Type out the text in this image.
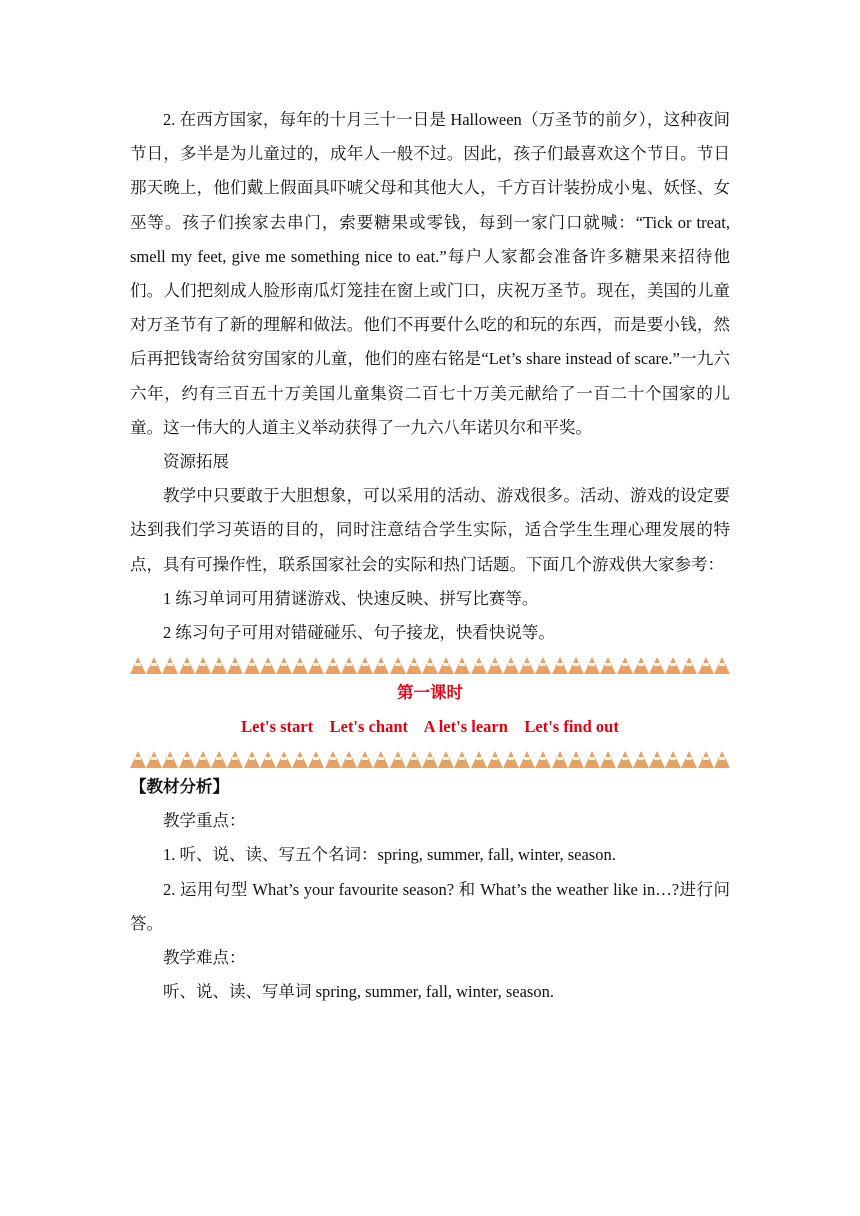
2. 在西方国家，每年的十月三十一日是 Halloween（万圣节的前夕），这种夜间节日，多半是为儿童过的，成年人一般不过。因此，孩子们最喜欢这个节日。节日那天晚上，他们戴上假面具吓唬父母和其他大人，千方百计装扮成小鬼、妖怪、女巫等。孩子们挨家去串门，索要糖果或零钱，每到一家门口就喊：“Tick or treat, smell my feet, give me something nice to eat.”每户人家都会准备许多糖果来招待他们。人们把刻成人脸形南瓜灯笼挂在窗上或门口，庆祝万圣节。现在，美国的儿童对万圣节有了新的理解和做法。他们不再要什么吃的和玩的东西，而是要小钱，然后再把钱寄给贫穷国家的儿童，他们的座右铭是“Let’s share instead of scare.”一九六六年，约有三百五十万美国儿童集资二百七十万美元献给了一百二十个国家的儿童。这一伟大的人道主义举动获得了一九六八年诺贝尔和平奖。

资源拓展

教学中只要敢于大胆想象，可以采用的活动、游戏很多。活动、游戏的设定要达到我们学习英语的目的，同时注意结合学生实际，适合学生生理心理发展的特点，具有可操作性，联系国家社会的实际和热门话题。下面几个游戏供大家参考：

1 练习单词可用猜谜游戏、快速反映、拼写比赛等。

2 练习句子可用对错碰碰乐、句子接龙，快看快说等。

第一课时

Let's start    Let's chant    A let's learn    Let's find out

【教材分析】

教学重点：

1. 听、说、读、写五个名词：spring, summer, fall, winter, season.

2. 运用句型 What’s your favourite season? 和 What’s the weather like in…?进行问答。

教学难点：

听、说、读、写单词 spring, summer, fall, winter, season.
